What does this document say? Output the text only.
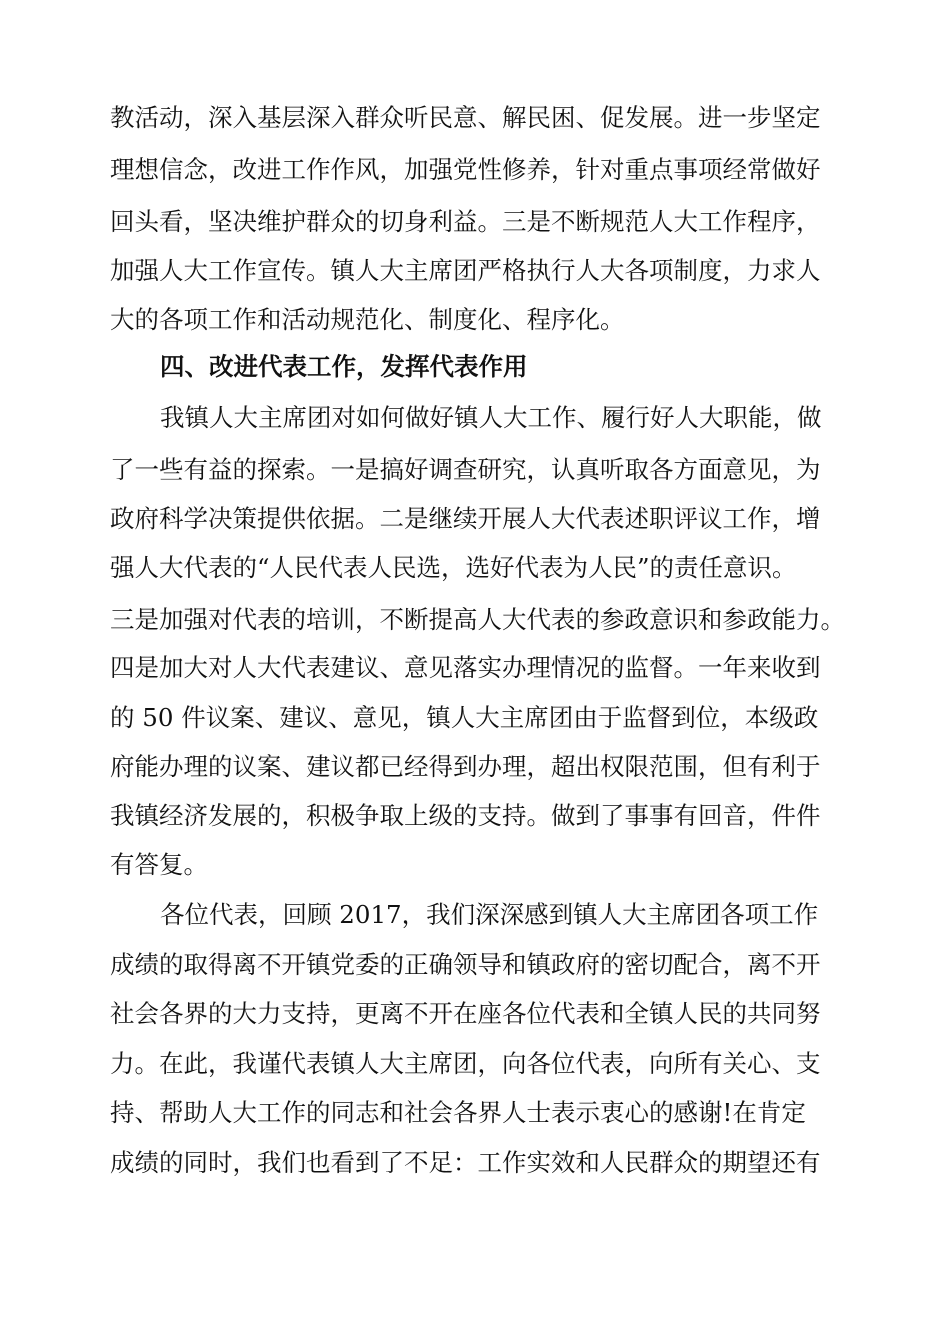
教活动，深入基层深入群众听民意、解民困、促发展。进一步坚定
理想信念，改进工作作风，加强党性修养，针对重点事项经常做好
回头看，坚决维护群众的切身利益。三是不断规范人大工作程序，
加强人大工作宣传。镇人大主席团严格执行人大各项制度，力求人
大的各项工作和活动规范化、制度化、程序化。
四、改进代表工作，发挥代表作用
我镇人大主席团对如何做好镇人大工作、履行好人大职能，做
了一些有益的探索。一是搞好调查研究，认真听取各方面意见，为
政府科学决策提供依据。二是继续开展人大代表述职评议工作，增
强人大代表的“人民代表人民选，选好代表为人民”的责任意识。
三是加强对代表的培训，不断提高人大代表的参政意识和参政能力。
四是加大对人大代表建议、意见落实办理情况的监督。一年来收到
的 50 件议案、建议、意见，镇人大主席团由于监督到位，本级政
府能办理的议案、建议都已经得到办理，超出权限范围，但有利于
我镇经济发展的，积极争取上级的支持。做到了事事有回音，件件
有答复。
各位代表，回顾 2017，我们深深感到镇人大主席团各项工作
成绩的取得离不开镇党委的正确领导和镇政府的密切配合，离不开
社会各界的大力支持，更离不开在座各位代表和全镇人民的共同努
力。在此，我谨代表镇人大主席团，向各位代表，向所有关心、支
持、帮助人大工作的同志和社会各界人士表示衷心的感谢!在肯定
成绩的同时，我们也看到了不足：工作实效和人民群众的期望还有
